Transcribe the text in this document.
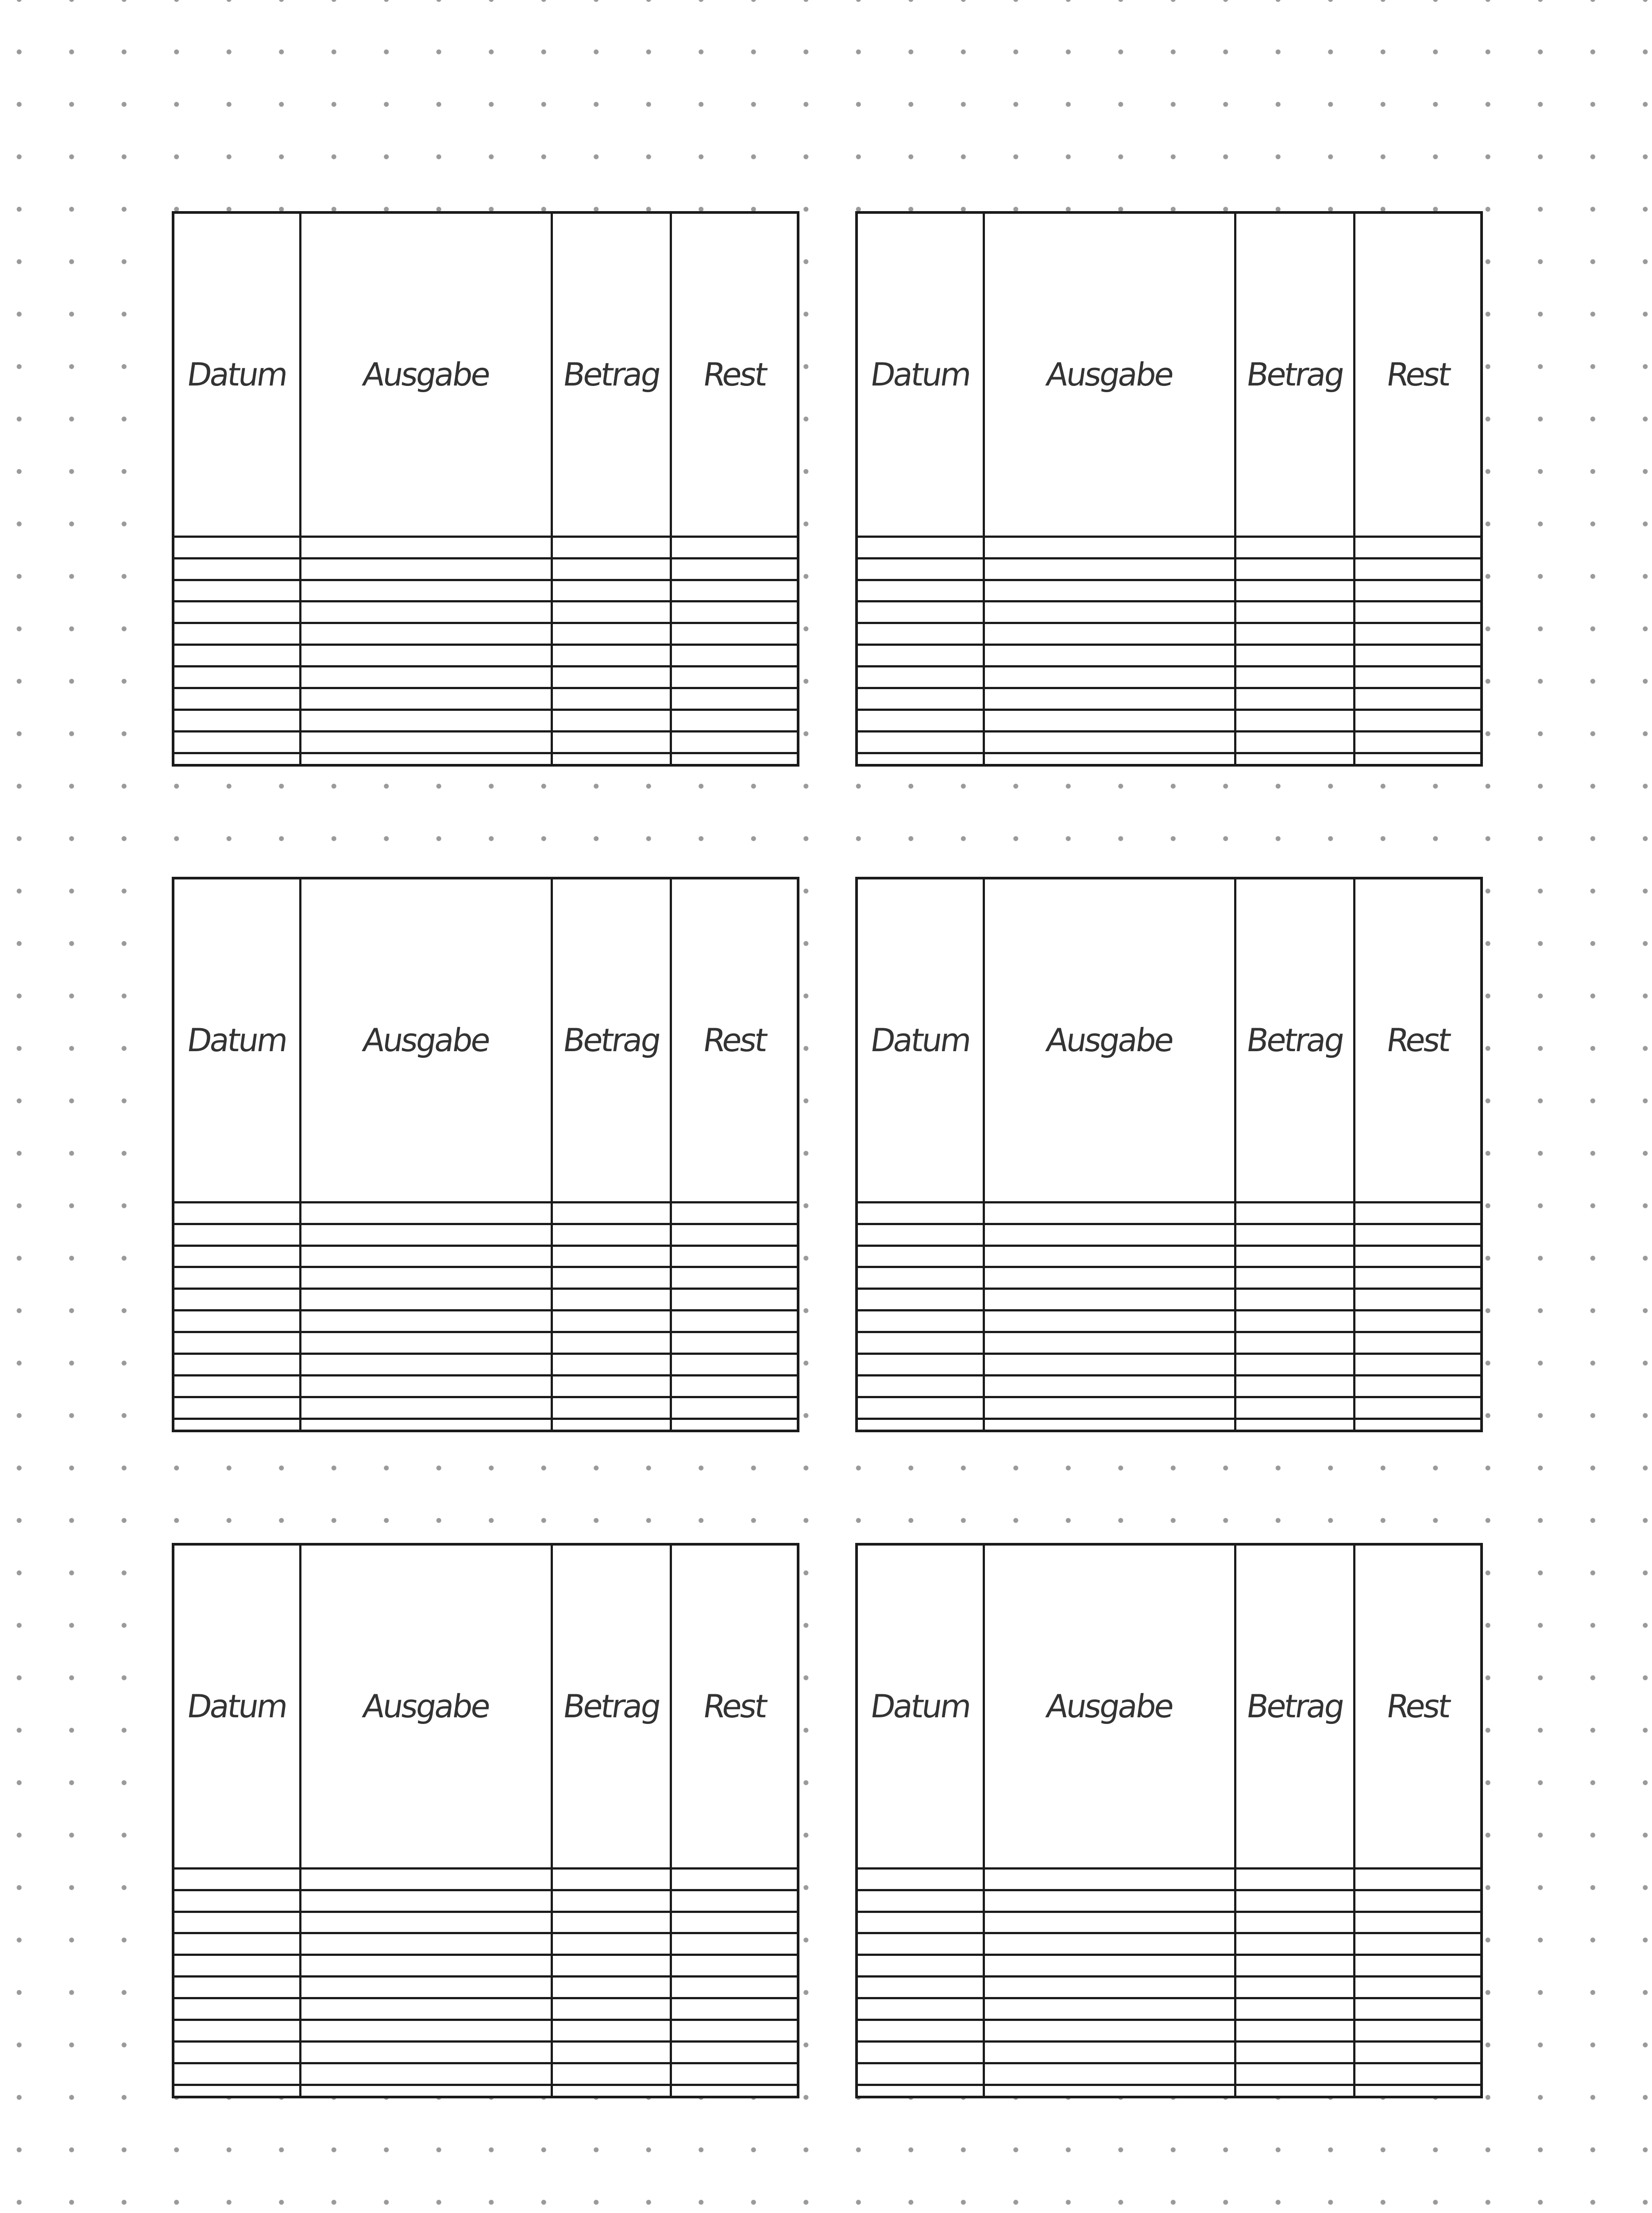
Datum	Ausgabe	Betrag	Rest

				Datum	Ausgabe	Betrag	Rest

Datum	Ausgabe	Betrag	Rest

				Datum	Ausgabe	Betrag	Rest

Datum	Ausgabe	Betrag	Rest

				Datum	Ausgabe	Betrag	Rest
